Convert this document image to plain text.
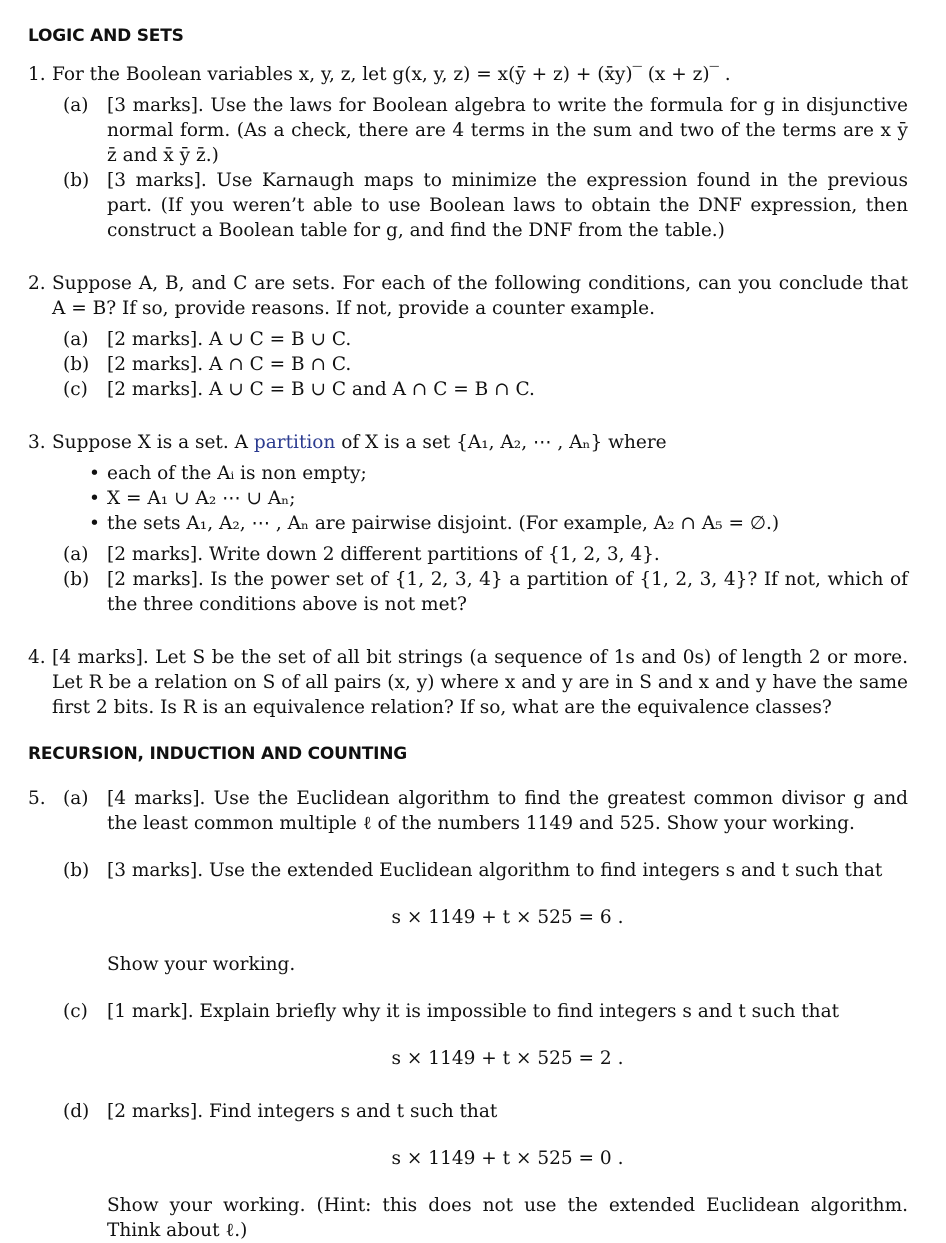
LOGIC AND SETS
1. For the Boolean variables x, y, z, let g(x, y, z) = x(ȳ + z) + (x̄y)‾ (x + z)‾ .
(a) [3 marks]. Use the laws for Boolean algebra to write the formula for g in disjunctive normal form. (As a check, there are 4 terms in the sum and two of the terms are x ȳ z̄ and x̄ ȳ z̄.)
(b) [3 marks]. Use Karnaugh maps to minimize the expression found in the previous part. (If you weren’t able to use Boolean laws to obtain the DNF expression, then construct a Boolean table for g, and find the DNF from the table.)
2. Suppose A, B, and C are sets. For each of the following conditions, can you conclude that A = B? If so, provide reasons. If not, provide a counter example.
(a) [2 marks]. A ∪ C = B ∪ C.
(b) [2 marks]. A ∩ C = B ∩ C.
(c) [2 marks]. A ∪ C = B ∪ C and A ∩ C = B ∩ C.
3. Suppose X is a set. A partition of X is a set {A₁, A₂, ⋯ , Aₙ} where
• each of the Aᵢ is non empty;
• X = A₁ ∪ A₂ ⋯ ∪ Aₙ;
• the sets A₁, A₂, ⋯ , Aₙ are pairwise disjoint. (For example, A₂ ∩ A₅ = ∅.)
(a) [2 marks]. Write down 2 different partitions of {1, 2, 3, 4}.
(b) [2 marks]. Is the power set of {1, 2, 3, 4} a partition of {1, 2, 3, 4}? If not, which of the three conditions above is not met?
4. [4 marks]. Let S be the set of all bit strings (a sequence of 1s and 0s) of length 2 or more. Let R be a relation on S of all pairs (x, y) where x and y are in S and x and y have the same first 2 bits. Is R is an equivalence relation? If so, what are the equivalence classes?
RECURSION, INDUCTION AND COUNTING
5. (a) [4 marks]. Use the Euclidean algorithm to find the greatest common divisor g and the least common multiple ℓ of the numbers 1149 and 525. Show your working.
(b) [3 marks]. Use the extended Euclidean algorithm to find integers s and t such that
s × 1149 + t × 525 = 6 .
Show your working.
(c) [1 mark]. Explain briefly why it is impossible to find integers s and t such that
s × 1149 + t × 525 = 2 .
(d) [2 marks]. Find integers s and t such that
s × 1149 + t × 525 = 0 .
Show your working. (Hint: this does not use the extended Euclidean algorithm. Think about ℓ.)
